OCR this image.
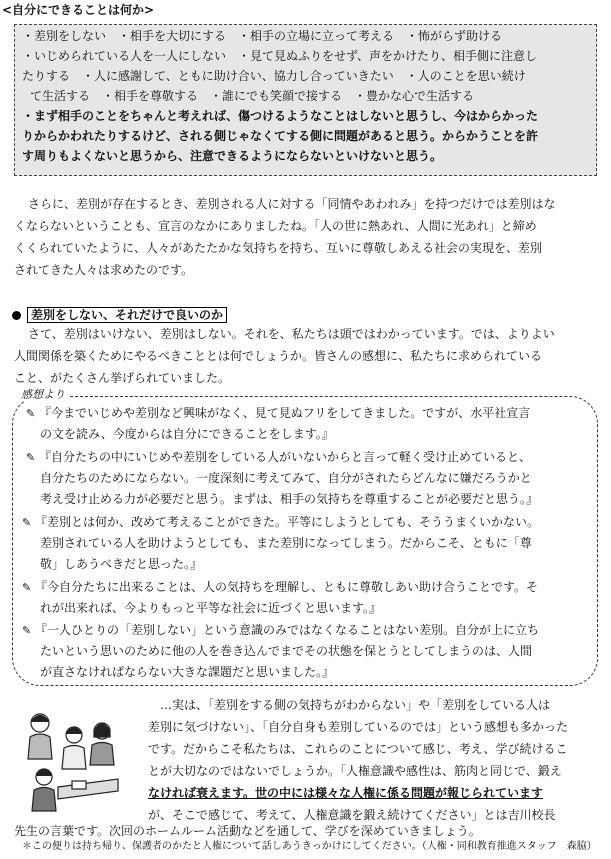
<自分にできることは何か>
・差別をしない　・相手を大切にする　・相手の立場に立って考える　・怖がらず助ける
・いじめられている人を一人にしない　・見て見ぬふりをせず、声をかけたり、相手側に注意し
たりする　・人に感謝して、ともに助け合い、協力し合っていきたい　・人のことを思い続け
て生活する　・相手を尊敬する　・誰にでも笑顔で接する　・豊かな心で生活する
・まず相手のことをちゃんと考えれば、傷つけるようなことはしないと思うし、今はからかった
りからかわれたりするけど、される側じゃなくてする側に問題があると思う。からかうことを許
す周りもよくないと思うから、注意できるようにならないといけないと思う。
さらに、差別が存在するとき、差別される人に対する「同情やあわれみ」を持つだけでは差別はな
くならないということも、宣言のなかにありましたね。「人の世に熱あれ、人間に光あれ」と締め
くくられていたように、人々があたたかな気持ちを持ち、互いに尊敬しあえる社会の実現を、差別
されてきた人々は求めたのです。
差別をしない、それだけで良いのか
さて、差別はいけない、差別はしない。それを、私たちは頭ではわかっています。では、よりよい
人間関係を築くためにやるべきこととは何でしょうか。皆さんの感想に、私たちに求められている
こと、がたくさん挙げられていました。
感想より
✎ 『今までいじめや差別など興味がなく、見て見ぬフリをしてきました。ですが、水平社宣言
の文を読み、今度からは自分にできることをします。』
✎ 『自分たちの中にいじめや差別をしている人がいないからと言って軽く受け止めていると、
自分たちのためにならない。一度深刻に考えてみて、自分がされたらどんなに嫌だろうかと
考え受け止める力が必要だと思う。まずは、相手の気持ちを尊重することが必要だと思う。』
✎ 『差別とは何か、改めて考えることができた。平等にしようとしても、そううまくいかない。
差別されている人を助けようとしても、また差別になってしまう。だからこそ、ともに「尊
敬」しあうべきだと思った。』
✎ 『今自分たちに出来ることは、人の気持ちを理解し、ともに尊敬しあい助け合うことです。そ
れが出来れば、今よりもっと平等な社会に近づくと思います。』
✎ 『一人ひとりの「差別しない」という意識のみではなくなることはない差別。自分が上に立ち
たいという思いのために他の人を巻き込んでまでその状態を保とうとしてしまうのは、人間
が直さなければならない大きな課題だと思いました。』
…実は、「差別をする側の気持ちがわからない」や「差別をしている人は
差別に気づけない」、「自分自身も差別しているのでは」という感想も多かった
です。だからこそ私たちは、これらのことについて感じ、考え、学び続けるこ
とが大切なのではないでしょうか。「人権意識や感性は、筋肉と同じで、鍛え
なければ衰えます。世の中には様々な人権に係る問題が報じられています
が、そこで感じて、考えて、人権意識を鍛え続けてください」とは吉川校長
先生の言葉です。次回のホームルーム活動などを通して、学びを深めていきましょう。
＊この便りは持ち帰り、保護者のかたと人権について話しあうきっかけにしてください。（人権・同和教育推進スタッフ　森脇）
